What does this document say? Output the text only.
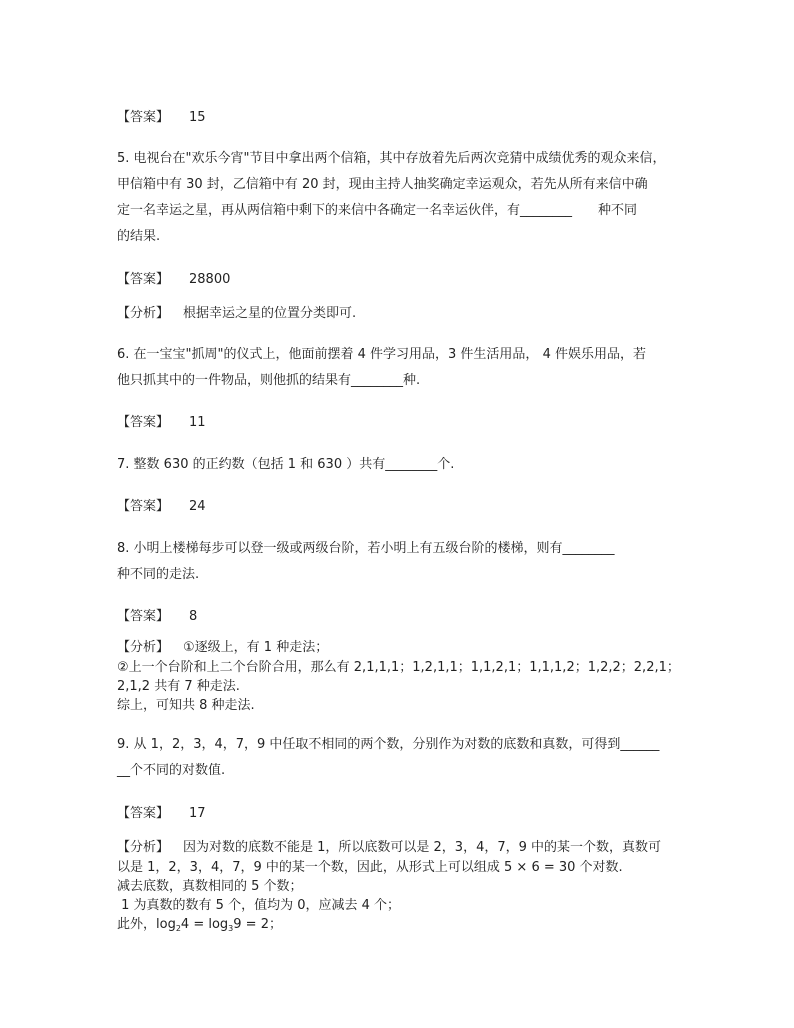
【答案】 15
5. 电视台在"欢乐今宵"节目中拿出两个信箱，其中存放着先后两次竞猜中成绩优秀的观众来信，
甲信箱中有 30 封，乙信箱中有 20 封，现由主持人抽奖确定幸运观众，若先从所有来信中确
定一名幸运之星，再从两信箱中剩下的来信中各确定一名幸运伙伴，有________　　种不同
的结果.
【答案】 28800
【分析】 根据幸运之星的位置分类即可.
6. 在一宝宝"抓周"的仪式上，他面前摆着 4 件学习用品，3 件生活用品， 4 件娱乐用品，若
他只抓其中的一件物品，则他抓的结果有________种.
【答案】 11
7. 整数 630 的正约数（包括 1 和 630 ）共有________个.
【答案】 24
8. 小明上楼梯每步可以登一级或两级台阶，若小明上有五级台阶的楼梯，则有________
种不同的走法.
【答案】 8
【分析】 ①逐级上，有 1 种走法；
②上一个台阶和上二个台阶合用，那么有 2,1,1,1；1,2,1,1；1,1,2,1；1,1,1,2；1,2,2；2,2,1；
2,1,2 共有 7 种走法.
综上，可知共 8 种走法.
9. 从 1，2，3，4，7，9 中任取不相同的两个数，分别作为对数的底数和真数，可得到______
__个不同的对数值.
【答案】 17
【分析】 因为对数的底数不能是 1，所以底数可以是 2，3，4，7，9 中的某一个数，真数可
以是 1，2，3，4，7，9 中的某一个数，因此，从形式上可以组成 5 × 6 = 30 个对数.
减去底数，真数相同的 5 个数；
1 为真数的数有 5 个，值均为 0，应减去 4 个；
此外，$\log_24 = \log_39 = 2$；
